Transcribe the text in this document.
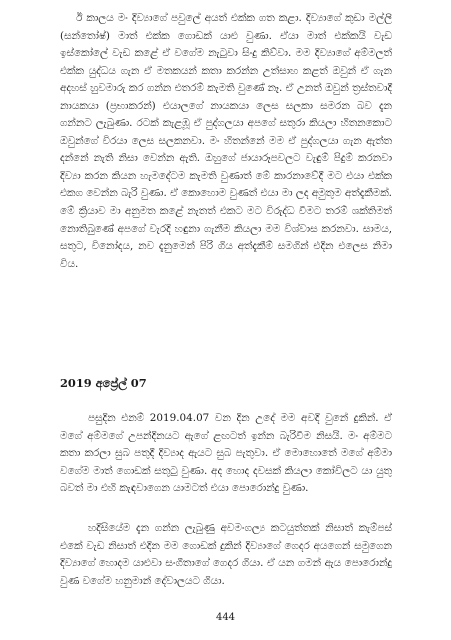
ඊ කාලය මං දිව්‍යාගේ පවුලේ අයත් එක්ක ගත කළා. දිව්‍යාගේ කුඩා මල්ලි (සන්තෝෂ්) මාත් එක්ක ගොඩක් යාළු වුණා. ඒයා මාත් එක්කයි වැඩ ඉස්කෝලේ වැඩ කළේ ඒ වගේම නැටුවා සිංදු කිව්වා. මම දිව්‍යාගේ අම්මලත් එක්ක යුද්ධය ගැන ඒ මතකයන් කතා කරන්න උත්සාහ කළත් ඔවුන් ඒ ගැන අදහස් හුවමාරු කර ගන්න එතරම් කැමති වුණේ නෑ. ඒ උනත් ඔවුන් ත්‍රස්තවාදී නායකයා (ප්‍රභාකරන්) එයාලගේ නායකයා ලෙස සලකා සමරන බව දැන ගන්නට ලැබුණා. රටක් කැළඹූ ඒ පුද්ගලයා අපගේ සතුරා කියලා හිතනකොට ඔවුන්ගේ විරයා ලෙස සලකනවා. මං හිතන්නේ මම ඒ පුද්ගලයා ගැන ඇත්ත දන්නේ නැති නිසා වෙන්න ඇති. ඔහුගේ ජායාරූපවලට වැඳුම් පිදුම් කරනවා දිව්‍යා කරන කියන හැමදේටම කැමති වුණාත් මේ කාරනාවේදී මට එයා එක්ක එකග වෙන්න බැරි වුණා. ඒ කොහොම වුණත් එයා මා ලද අමුතුම අත්දැකීමක්. මේ ක්‍රියාව මා අනුමත කළේ නැතත් එකට මට විරුද්ධ වීමට තරම් ශක්තිමත් නොතිබුණේ අපගේ වැරදි හඳුනා ගැනීම කියලා මම විශ්වාස කරනවා. සාමය, සතුට, විනෝදය, නව දැනුමෙන් පිරි ගිය අත්දැකීම් සමගින් එදින එලෙස නිමා විය.

2019 අප්‍රේල් 07

පසුදින එනම් 2019.04.07 වන දින උදේ මම අවදි වුනේ දුකින්. ඒ මගේ අම්මගේ උපන්දිනයට ඇගේ ළඟටත් ඉන්න බැරිවීම නිසයි. මං අම්මට කතා කරලා සුබ පතුදී දිව්‍යාද ඇයට සුබ පැතුවා. ඒ මොහොතේ මගේ අම්මා වගේම මාත් ගොඩක් සතුටු වුණා. අද හොද දවසක් කියලා කෝවිලට යා යුතු බවත් මා එහි කැඳවාගෙන යාමටත් එයා පොරොන්දු වුණා.

හදිසියේම දැන ගන්න ලැබුණු අවමංගල්‍ය කටයුත්තක් නිසාත් කැම්පස් එකේ වැඩ නිසාත් එදින මම ගොඩක් දුකින් දිව්‍යාගේ ගෙදර අයගෙන් සමුගෙන දිව්‍යාගේ හොදම යාළුවා සංගීතාගේ ගෙදර ගියා. ඒ යන ගමන් ඇය පොරොන්දු වුණ වගේම හනුමාන් දේවාලයට ගියා.

444
